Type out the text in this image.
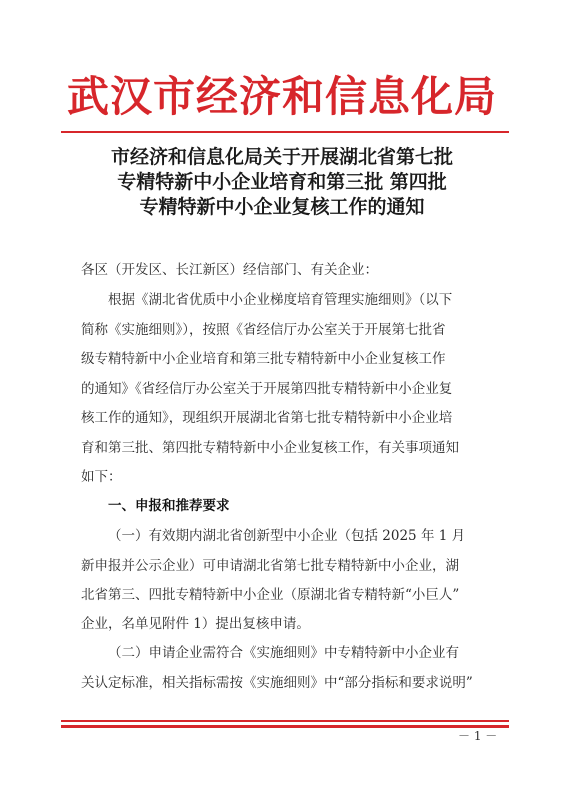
武汉市经济和信息化局
市经济和信息化局关于开展湖北省第七批
专精特新中小企业培育和第三批 第四批
专精特新中小企业复核工作的通知
各区（开发区、长江新区）经信部门、有关企业：
根据《湖北省优质中小企业梯度培育管理实施细则》（以下
简称《实施细则》），按照《省经信厅办公室关于开展第七批省
级专精特新中小企业培育和第三批专精特新中小企业复核工作
的通知》《省经信厅办公室关于开展第四批专精特新中小企业复
核工作的通知》，现组织开展湖北省第七批专精特新中小企业培
育和第三批、第四批专精特新中小企业复核工作，有关事项通知
如下：
一、申报和推荐要求
（一）有效期内湖北省创新型中小企业（包括 2025 年 1 月
新申报并公示企业）可申请湖北省第七批专精特新中小企业，湖
北省第三、四批专精特新中小企业（原湖北省专精特新“小巨人”
企业，名单见附件 1）提出复核申请。
（二）申请企业需符合《实施细则》中专精特新中小企业有
关认定标准，相关指标需按《实施细则》中“部分指标和要求说明”
－ 1 －
